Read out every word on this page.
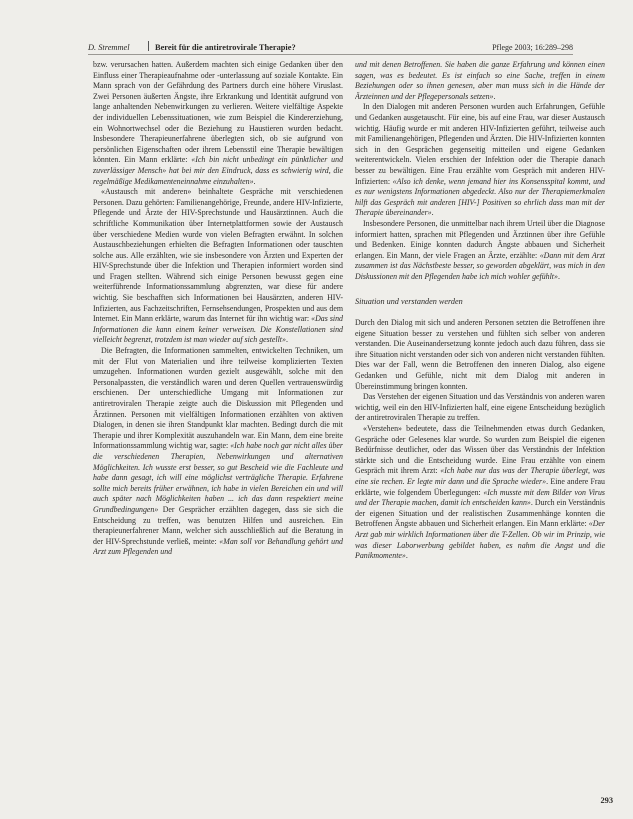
D. Stremmel	Bereit für die antiretrovirale Therapie?	Pflege 2003; 16:289–298

bzw. verursachen hatten. Außerdem machten sich einige Gedanken über den Einfluss einer Therapieaufnahme oder -unterlassung auf soziale Kontakte. Ein Mann sprach von der Gefährdung des Partners durch eine höhere Viruslast. Zwei Personen äußerten Ängste, ihre Erkrankung und Identität aufgrund von lange anhaltenden Nebenwirkungen zu verlieren. Weitere vielfältige Aspekte der individuellen Lebenssituationen, wie zum Beispiel die Kindererziehung, ein Wohnortwechsel oder die Beziehung zu Haustieren wurden bedacht. Insbesondere Therapieunerfahrene überlegten sich, ob sie aufgrund von persönlichen Eigenschaften oder ihrem Lebensstil eine Therapie bewältigen könnten. Ein Mann erklärte: «Ich bin nicht unbedingt ein pünktlicher und zuverlässiger Mensch» hat bei mir den Eindruck, dass es schwierig wird, die regelmäßige Medikamenteneinnahme einzuhalten».

«Austausch mit anderen» beinhaltete Gespräche mit verschiedenen Personen. Dazu gehörten: Familienangehörige, Freunde, andere HIV-Infizierte, Pflegende und Ärzte der HIV-Sprechstunde und Hausärztinnen. Auch die schriftliche Kommunikation über Internetplattformen sowie der Austausch über verschiedene Medien wurde von vielen Befragten erwähnt. In solchen Austauschbeziehungen erhielten die Befragten Informationen oder tauschten solche aus. Alle erzählten, wie sie insbesondere von Ärzten und Experten der HIV-Sprechstunde über die Infektion und Therapien informiert worden sind und Fragen stellten. Während sich einige Personen bewusst gegen eine weiterführende Informationssammlung abgrenzten, war diese für andere wichtig. Sie beschafften sich Informationen bei Hausärzten, anderen HIV-Infizierten, aus Fachzeitschriften, Fernsehsendungen, Prospekten und aus dem Internet. Ein Mann erklärte, warum das Internet für ihn wichtig war: «Das sind Informationen die kann einem keiner verweisen. Die Konstellationen sind vielleicht begrenzt, trotzdem ist man wieder auf sich gestellt».

Die Befragten, die Informationen sammelten, entwickelten Techniken, um mit der Flut von Materialien und ihre teilweise komplizierten Texten umzugehen. Informationen wurden gezielt ausgewählt, solche mit den Personalpassten, die verständlich waren und deren Quellen vertrauenswürdig erschienen. Der unterschiedliche Umgang mit Informationen zur antiretroviralen Therapie zeigte auch die Diskussion mit Pflegenden und Ärztinnen. Personen mit vielfältigen Informationen erzählten von aktiven Dialogen, in denen sie ihren Standpunkt klar machten. Bedingt durch die mit Therapie und ihrer Komplexität auszuhandeln war. Ein Mann, dem eine breite Informationssammlung wichtig war, sagte: «Ich habe noch gar nicht alles über die verschiedenen Therapien, Nebenwirkungen und alternativen Möglichkeiten. Ich wusste erst besser, so gut Bescheid wie die Fachleute und habe dann gesagt, ich will eine möglichst verträgliche Therapie. Erfahrene sollte mich bereits früher erwähnen, ich habe in vielen Bereichen ein und will auch später nach Möglichkeiten haben ... ich das dann respektiert meine Grundbedingungen» Der Gesprächer erzählten dagegen, dass sie sich die Entscheidung zu treffen, was benutzen Hilfen und ausreichen. Ein therapieunerfahrener Mann, welcher sich ausschließlich auf die Beratung in der HIV-Sprechstunde verließ, meinte: «Man soll vor Behandlung gehört und Arzt zum Pflegenden und

und mit denen Betroffenen. Sie haben die ganze Erfahrung und können einen sagen, was es bedeutet. Es ist einfach so eine Sache, treffen in einem Beziehungen oder so ihnen genesen, aber man muss sich in die Hände der Ärzteinnen und der Pflegepersonals setzen».

In den Dialogen mit anderen Personen wurden auch Erfahrungen, Gefühle und Gedanken ausgetauscht. Für eine, bis auf eine Frau, war dieser Austausch wichtig. Häufig wurde er mit anderen HIV-Infizierten geführt, teilweise auch mit Familienangehörigen, Pflegenden und Ärzten. Die HIV-Infizierten konnten sich in den Gesprächen gegenseitig mitteilen und eigene Gedanken weiterentwickeln. Vielen erschien der Infektion oder die Therapie danach besser zu bewältigen. Eine Frau erzählte vom Gespräch mit anderen HIV-Infizierten: «Also ich denke, wenn jemand hier ins Konsensspital kommt, und es nur wenigstens Informationen abgedeckt. Also nur der Therapiemerkmalen hilft das Gespräch mit anderen [HIV-] Positiven so ehrlich dass man mit der Therapie übereinander».

Insbesondere Personen, die unmittelbar nach ihrem Urteil über die Diagnose informiert hatten, sprachen mit Pflegenden und Ärztinnen über ihre Gefühle und Bedenken. Einige konnten dadurch Ängste abbauen und Sicherheit erlangen. Ein Mann, der viele Fragen an Ärzte, erzählte: «Dann mit dem Arzt zusammen ist das Nächstbeste besser, so geworden abgeklärt, was mich in den Diskussionen mit den Pflegenden habe ich mich wohler gefühlt».

Situation und verstanden werden

Durch den Dialog mit sich und anderen Personen setzten die Betroffenen ihre eigene Situation besser zu verstehen und fühlten sich selber von anderen verstanden. Die Auseinandersetzung konnte jedoch auch dazu führen, dass sie ihre Situation nicht verstanden oder sich von anderen nicht verstanden fühlten. Dies war der Fall, wenn die Betroffenen den inneren Dialog, also eigene Gedanken und Gefühle, nicht mit dem Dialog mit anderen in Übereinstimmung bringen konnten.

Das Verstehen der eigenen Situation und das Verständnis von anderen waren wichtig, weil ein den HIV-Infizierten half, eine eigene Entscheidung bezüglich der antiretroviralen Therapie zu treffen.

«Verstehen» bedeutete, dass die Teilnehmenden etwas durch Gedanken, Gespräche oder Gelesenes klar wurde. So wurden zum Beispiel die eigenen Bedürfnisse deutlicher, oder das Wissen über das Verständnis der Infektion stärkte sich und die Entscheidung wurde. Eine Frau erzählte von einem Gespräch mit ihrem Arzt: «Ich habe nur das was der Therapie überlegt, was eine sie rechen. Er legte mir dann und die Sprache wieder». Eine andere Frau erklärte, wie folgendem Überlegungen: «Ich musste mit dem Bilder von Virus und der Therapie machen, damit ich entscheiden kann». Durch ein Verständnis der eigenen Situation und der realistischen Zusammenhänge konnten die Betroffenen Ängste abbauen und Sicherheit erlangen. Ein Mann erklärte: «Der Arzt gab mir wirklich Informationen über die T-Zellen. Ob wir im Prinzip, wie was dieser Laborwerbung gebildet haben, es nahm die Angst und die Panikmomente».

293
